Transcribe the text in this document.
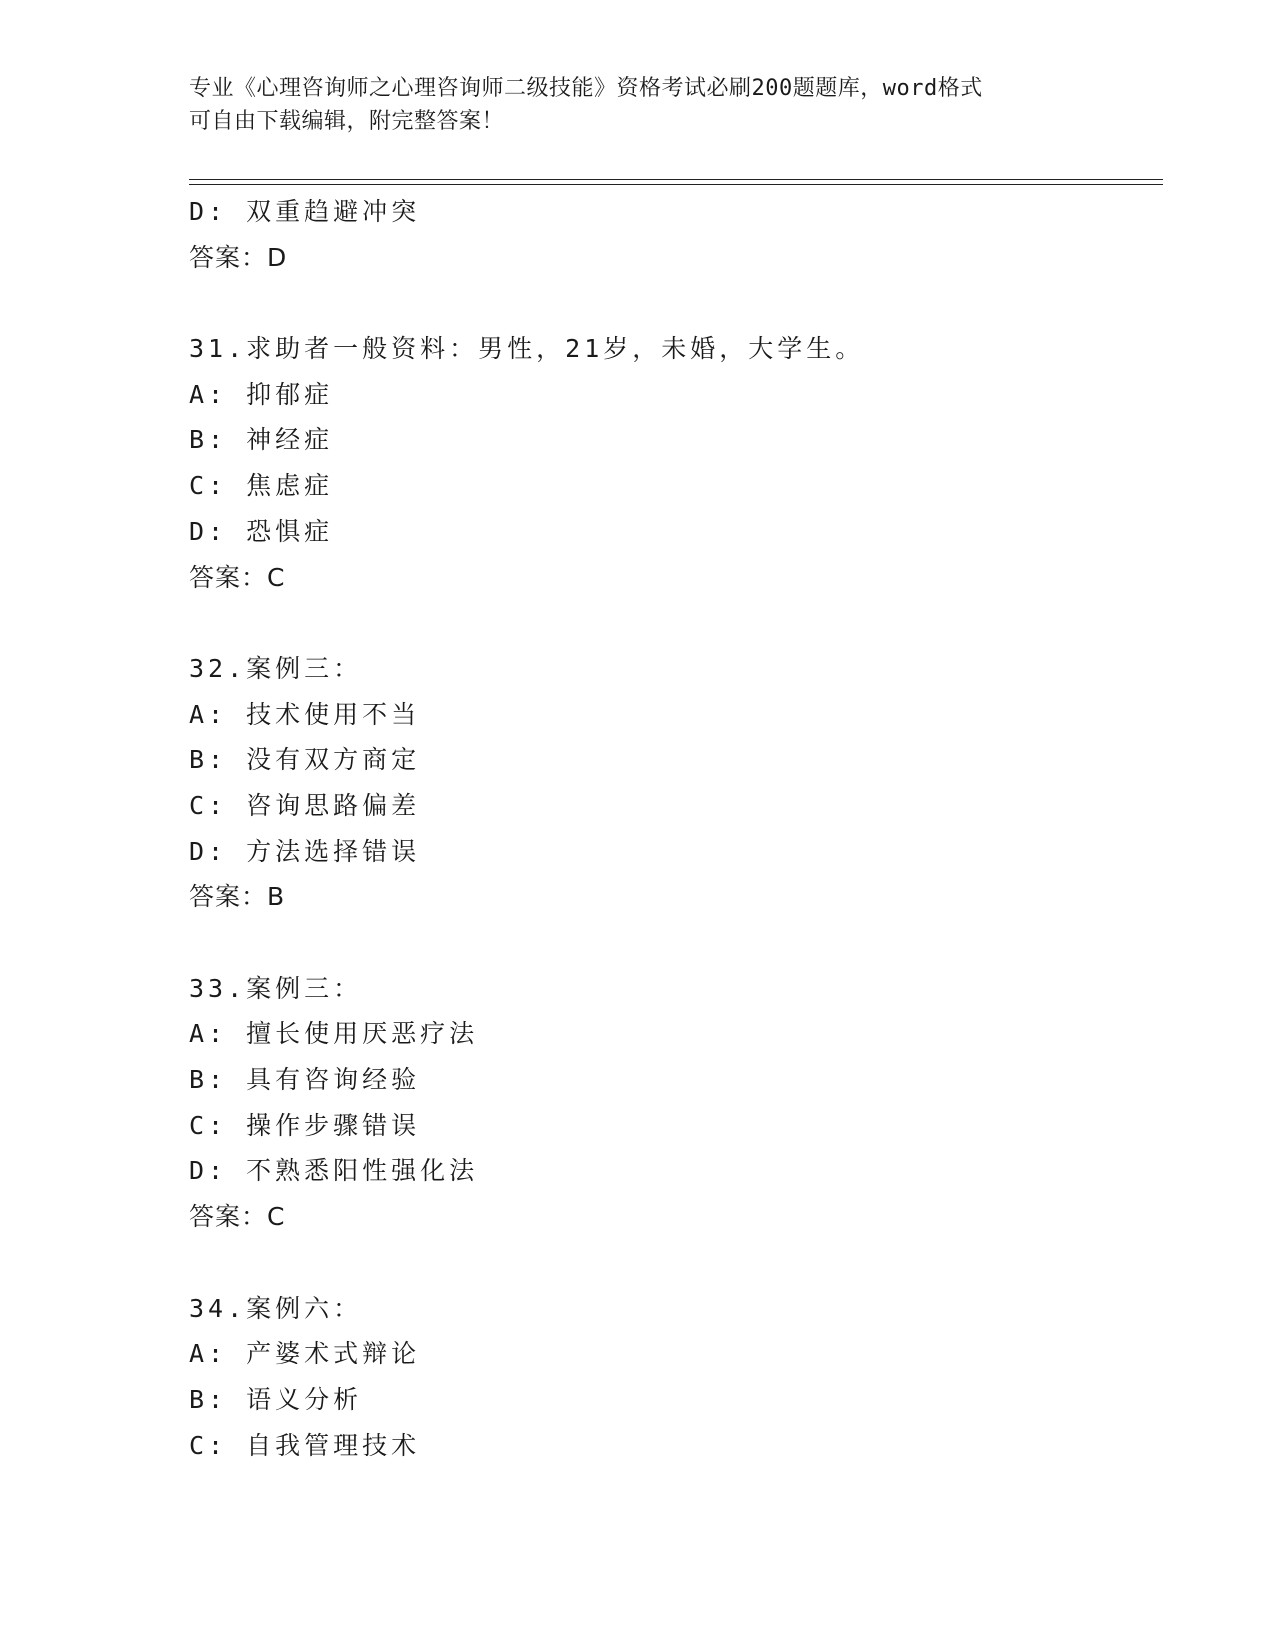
专业《心理咨询师之心理咨询师二级技能》资格考试必刷200题题库，word格式
可自由下载编辑，附完整答案！
D: 双重趋避冲突
答案：D
31.求助者一般资料：男性，21岁，未婚，大学生。
A: 抑郁症
B: 神经症
C: 焦虑症
D: 恐惧症
答案：C
32.案例三：
A: 技术使用不当
B: 没有双方商定
C: 咨询思路偏差
D: 方法选择错误
答案：B
33.案例三：
A: 擅长使用厌恶疗法
B: 具有咨询经验
C: 操作步骤错误
D: 不熟悉阳性强化法
答案：C
34.案例六：
A: 产婆术式辩论
B: 语义分析
C: 自我管理技术
